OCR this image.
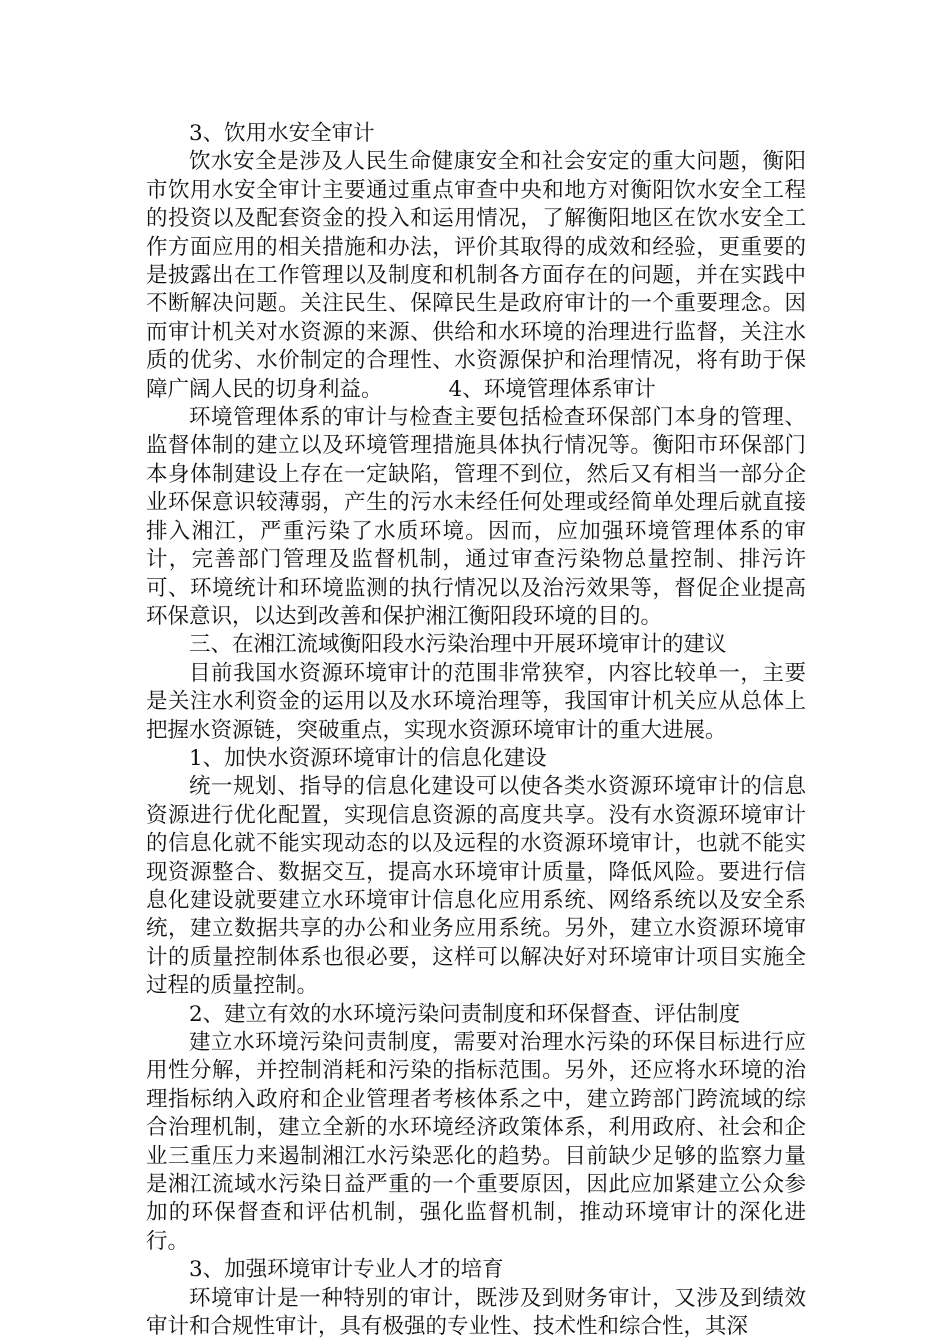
3、饮用水安全审计

饮水安全是涉及人民生命健康安全和社会安定的重大问题，衡阳市饮用水安全审计主要通过重点审查中央和地方对衡阳饮水安全工程的投资以及配套资金的投入和运用情况，了解衡阳地区在饮水安全工作方面应用的相关措施和办法，评价其取得的成效和经验，更重要的是披露出在工作管理以及制度和机制各方面存在的问题，并在实践中不断解决问题。关注民生、保障民生是政府审计的一个重要理念。因而审计机关对水资源的来源、供给和水环境的治理进行监督，关注水质的优劣、水价制定的合理性、水资源保护和治理情况，将有助于保障广阔人民的切身利益。	4、环境管理体系审计

环境管理体系的审计与检查主要包括检查环保部门本身的管理、监督体制的建立以及环境管理措施具体执行情况等。衡阳市环保部门本身体制建设上存在一定缺陷，管理不到位，然后又有相当一部分企业环保意识较薄弱，产生的污水未经任何处理或经简单处理后就直接排入湘江，严重污染了水质环境。因而，应加强环境管理体系的审计，完善部门管理及监督机制，通过审查污染物总量控制、排污许可、环境统计和环境监测的执行情况以及治污效果等，督促企业提高环保意识，以达到改善和保护湘江衡阳段环境的目的。

三、在湘江流域衡阳段水污染治理中开展环境审计的建议

目前我国水资源环境审计的范围非常狭窄，内容比较单一，主要是关注水利资金的运用以及水环境治理等，我国审计机关应从总体上把握水资源链，突破重点，实现水资源环境审计的重大进展。

1、加快水资源环境审计的信息化建设

统一规划、指导的信息化建设可以使各类水资源环境审计的信息资源进行优化配置，实现信息资源的高度共享。没有水资源环境审计的信息化就不能实现动态的以及远程的水资源环境审计，也就不能实现资源整合、数据交互，提高水环境审计质量，降低风险。要进行信息化建设就要建立水环境审计信息化应用系统、网络系统以及安全系统，建立数据共享的办公和业务应用系统。另外，建立水资源环境审计的质量控制体系也很必要，这样可以解决好对环境审计项目实施全过程的质量控制。

2、建立有效的水环境污染问责制度和环保督查、评估制度

建立水环境污染问责制度，需要对治理水污染的环保目标进行应用性分解，并控制消耗和污染的指标范围。另外，还应将水环境的治理指标纳入政府和企业管理者考核体系之中，建立跨部门跨流域的综合治理机制，建立全新的水环境经济政策体系，利用政府、社会和企业三重压力来遏制湘江水污染恶化的趋势。目前缺少足够的监察力量是湘江流域水污染日益严重的一个重要原因，因此应加紧建立公众参加的环保督查和评估机制，强化监督机制，推动环境审计的深化进行。

3、加强环境审计专业人才的培育

环境审计是一种特别的审计，既涉及到财务审计，又涉及到绩效审计和合规性审计，具有极强的专业性、技术性和综合性，其深
